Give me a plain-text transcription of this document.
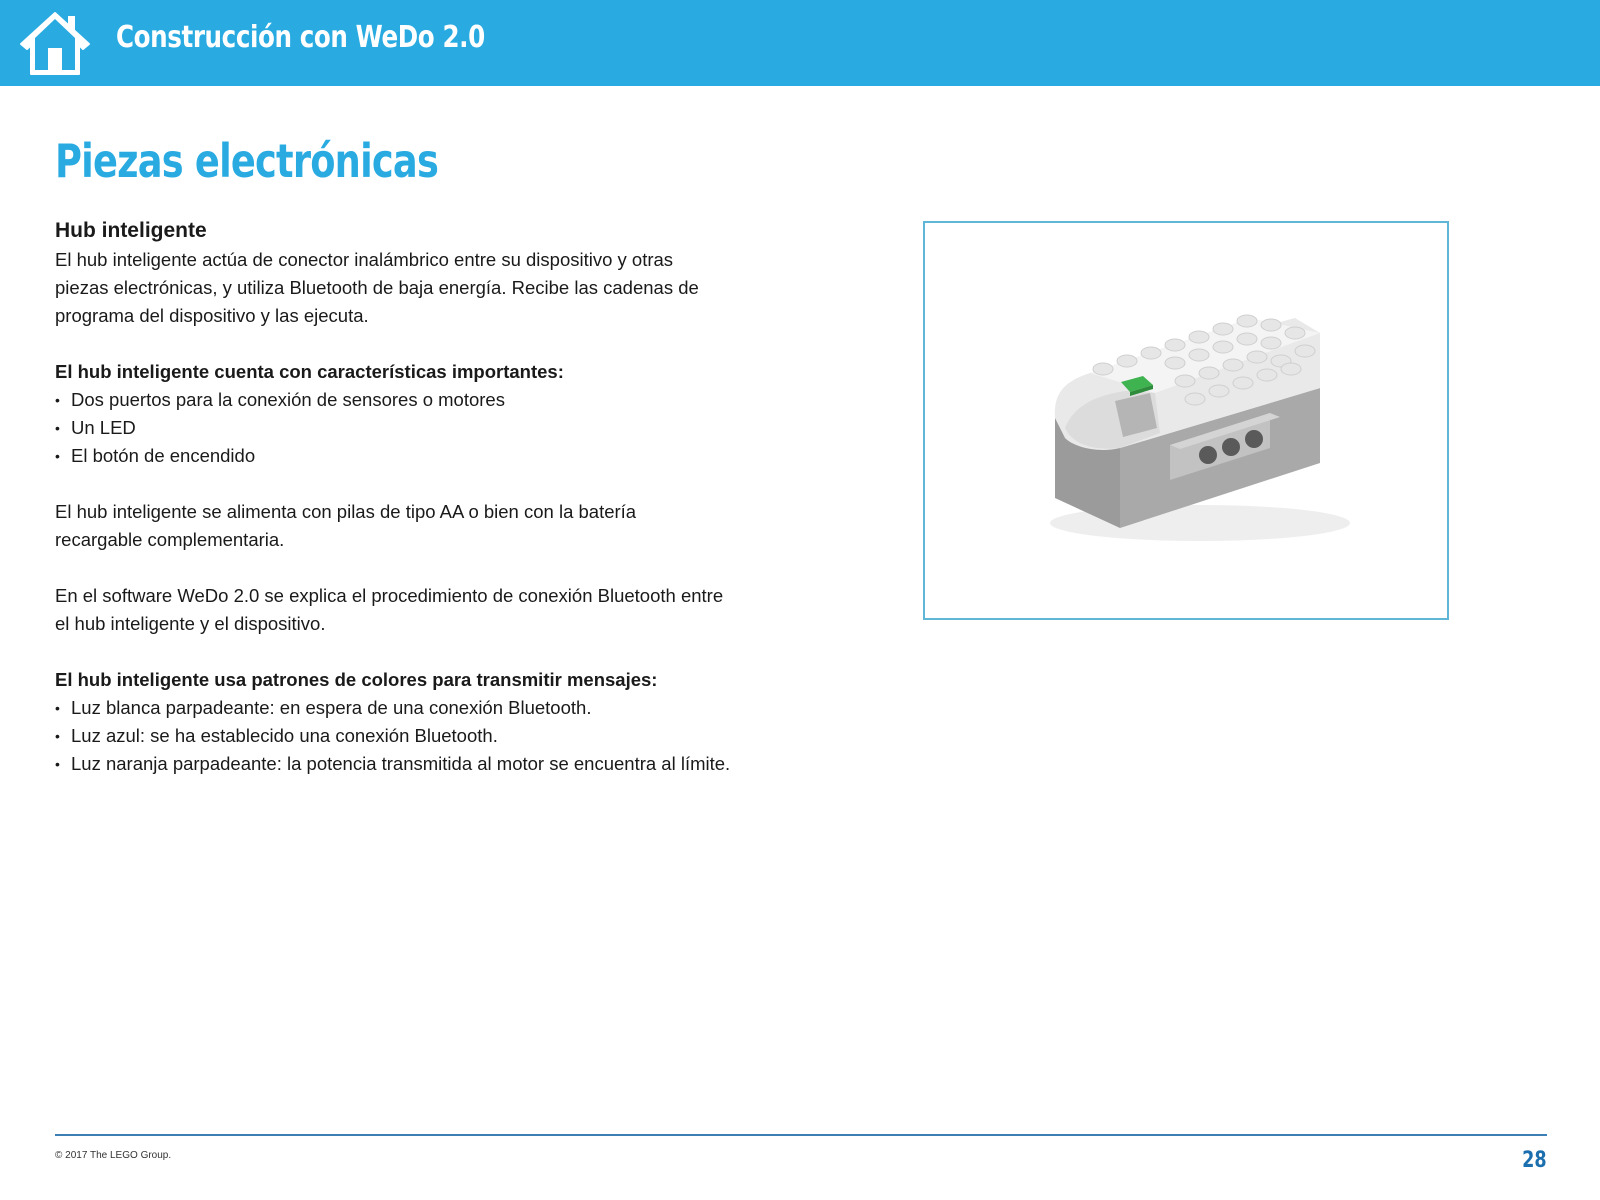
Construcción con WeDo 2.0
Piezas electrónicas
Hub inteligente

El hub inteligente actúa de conector inalámbrico entre su dispositivo y otras

piezas electrónicas, y utiliza Bluetooth de baja energía. Recibe las cadenas de

programa del dispositivo y las ejecuta.

El hub inteligente cuenta con características importantes:

• Dos puertos para la conexión de sensores o motores
• Un LED
• El botón de encendido

El hub inteligente se alimenta con pilas de tipo AA o bien con la batería

recargable complementaria.

En el software WeDo 2.0 se explica el procedimiento de conexión Bluetooth entre

el hub inteligente y el dispositivo.

El hub inteligente usa patrones de colores para transmitir mensajes:

• Luz blanca parpadeante: en espera de una conexión Bluetooth.
• Luz azul: se ha establecido una conexión Bluetooth.
• Luz naranja parpadeante: la potencia transmitida al motor se encuentra al límite.
© 2017 The LEGO Group.	28
